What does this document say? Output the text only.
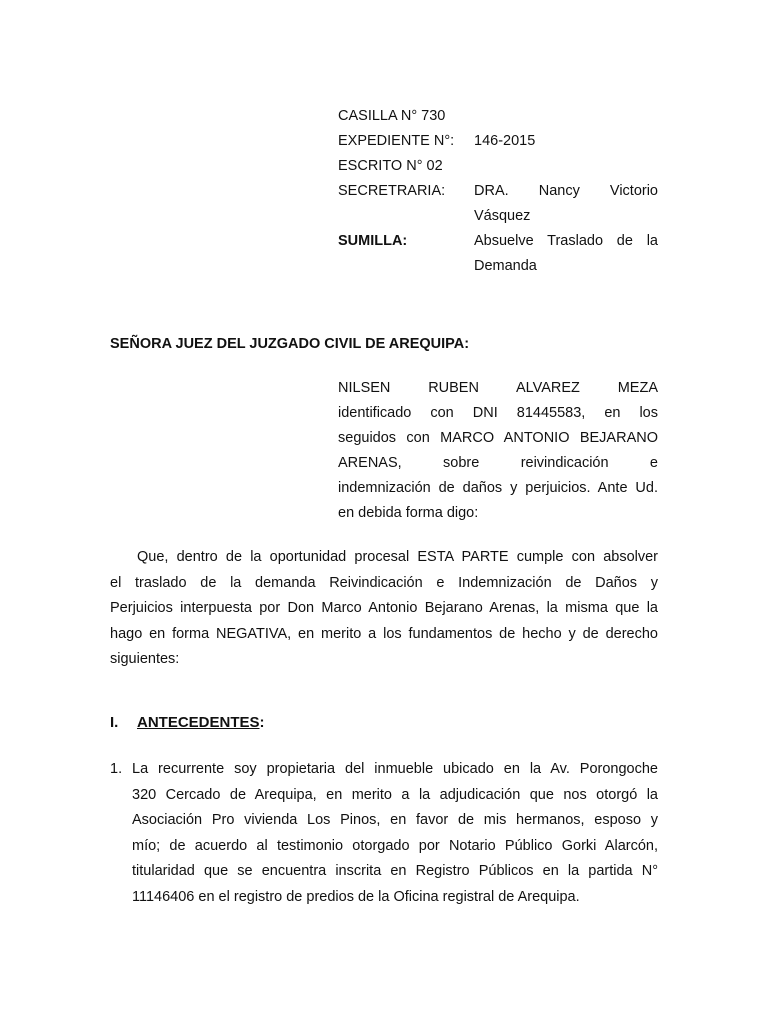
CASILLA N° 730
EXPEDIENTE N°:	146-2015
ESCRITO N° 02
SECRETRARIA:	DRA. Nancy Victorio
Vásquez
SUMILLA:	Absuelve Traslado de la
Demanda
SEÑORA JUEZ DEL JUZGADO CIVIL DE AREQUIPA:
NILSEN RUBEN ALVAREZ MEZA
identificado con DNI 81445583, en los
seguidos con MARCO ANTONIO BEJARANO
ARENAS, sobre reivindicación e
indemnización de daños y perjuicios. Ante Ud.
en debida forma digo:
Que, dentro de la oportunidad procesal ESTA PARTE cumple con absolver
el traslado de la demanda Reivindicación e Indemnización de Daños y
Perjuicios interpuesta por Don Marco Antonio Bejarano Arenas, la misma que la
hago en forma NEGATIVA, en merito a los fundamentos de hecho y de derecho
siguientes:
I. ANTECEDENTES:
1. La recurrente soy propietaria del inmueble ubicado en la Av. Porongoche
320 Cercado de Arequipa, en merito a la adjudicación que nos otorgó la
Asociación Pro vivienda Los Pinos, en favor de mis hermanos, esposo y
mío; de acuerdo al testimonio otorgado por Notario Público Gorki Alarcón,
titularidad que se encuentra inscrita en Registro Públicos en la partida N°
11146406 en el registro de predios de la Oficina registral de Arequipa.
